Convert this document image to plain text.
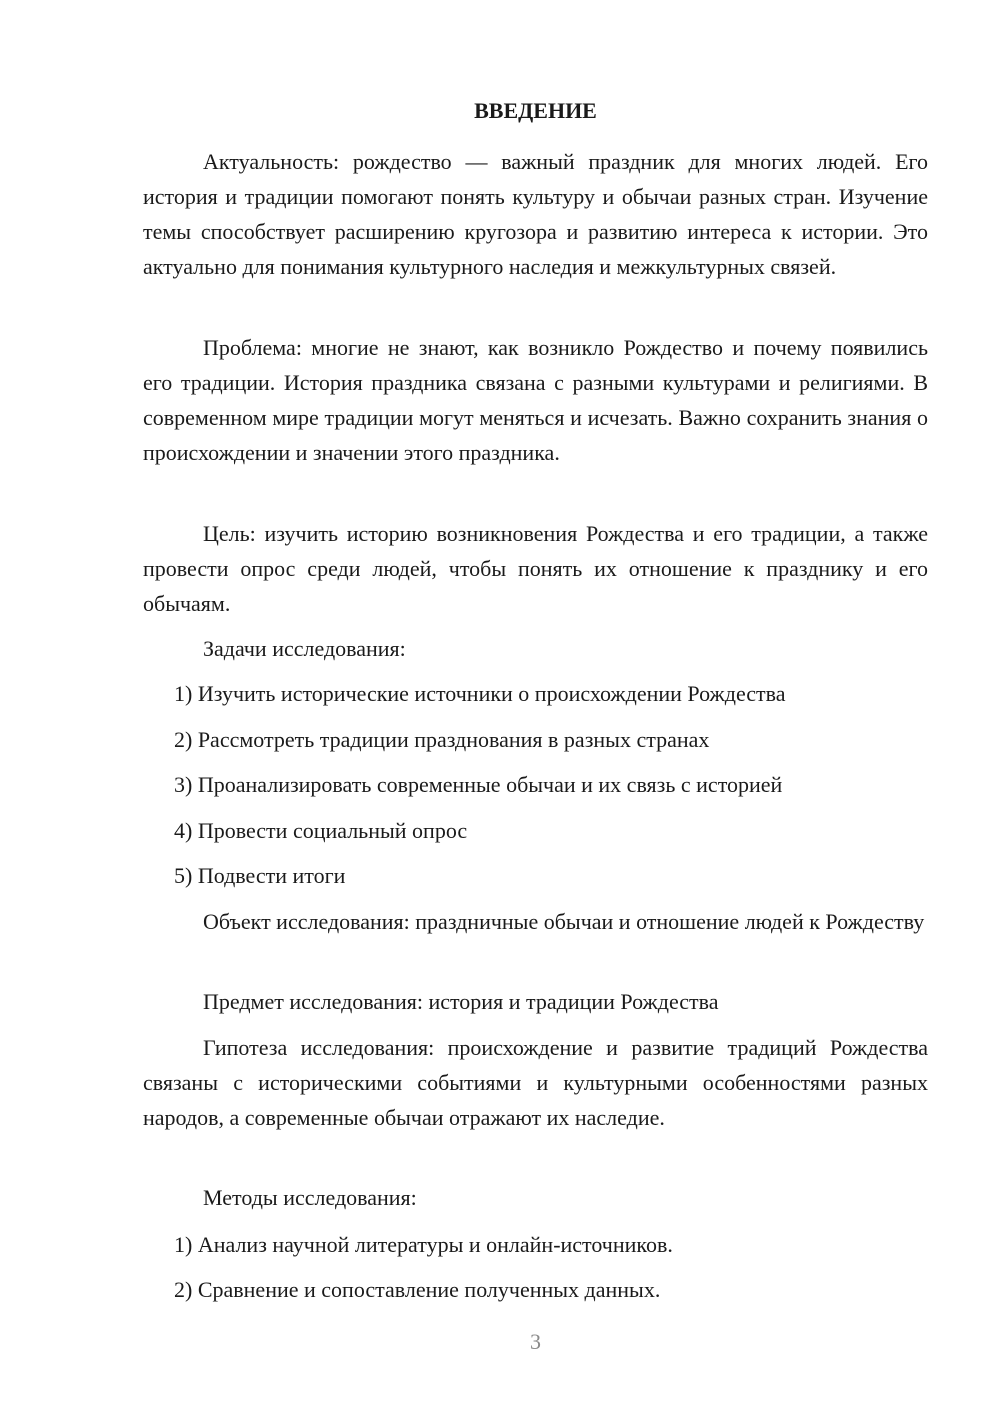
ВВЕДЕНИЕ

Актуальность: рождество — важный праздник для многих людей. Его история и традиции помогают понять культуру и обычаи разных стран. Изучение темы способствует расширению кругозора и развитию интереса к истории. Это актуально для понимания культурного наследия и межкультурных связей.

Проблема: многие не знают, как возникло Рождество и почему появились его традиции. История праздника связана с разными культурами и религиями. В современном мире традиции могут меняться и исчезать. Важно сохранить знания о происхождении и значении этого праздника.

Цель: изучить историю возникновения Рождества и его традиции, а также провести опрос среди людей, чтобы понять их отношение к празднику и его обычаям.

Задачи исследования:

1) Изучить исторические источники о происхождении Рождества

2) Рассмотреть традиции празднования в разных странах

3) Проанализировать современные обычаи и их связь с историей

4) Провести социальный опрос

5) Подвести итоги

Объект исследования: праздничные обычаи и отношение людей к Рождеству

Предмет исследования: история и традиции Рождества

Гипотеза исследования: происхождение и развитие традиций Рождества связаны с историческими событиями и культурными особенностями разных народов, а современные обычаи отражают их наследие.

Методы исследования:

1) Анализ научной литературы и онлайн-источников.

2) Сравнение и сопоставление полученных данных.

3
